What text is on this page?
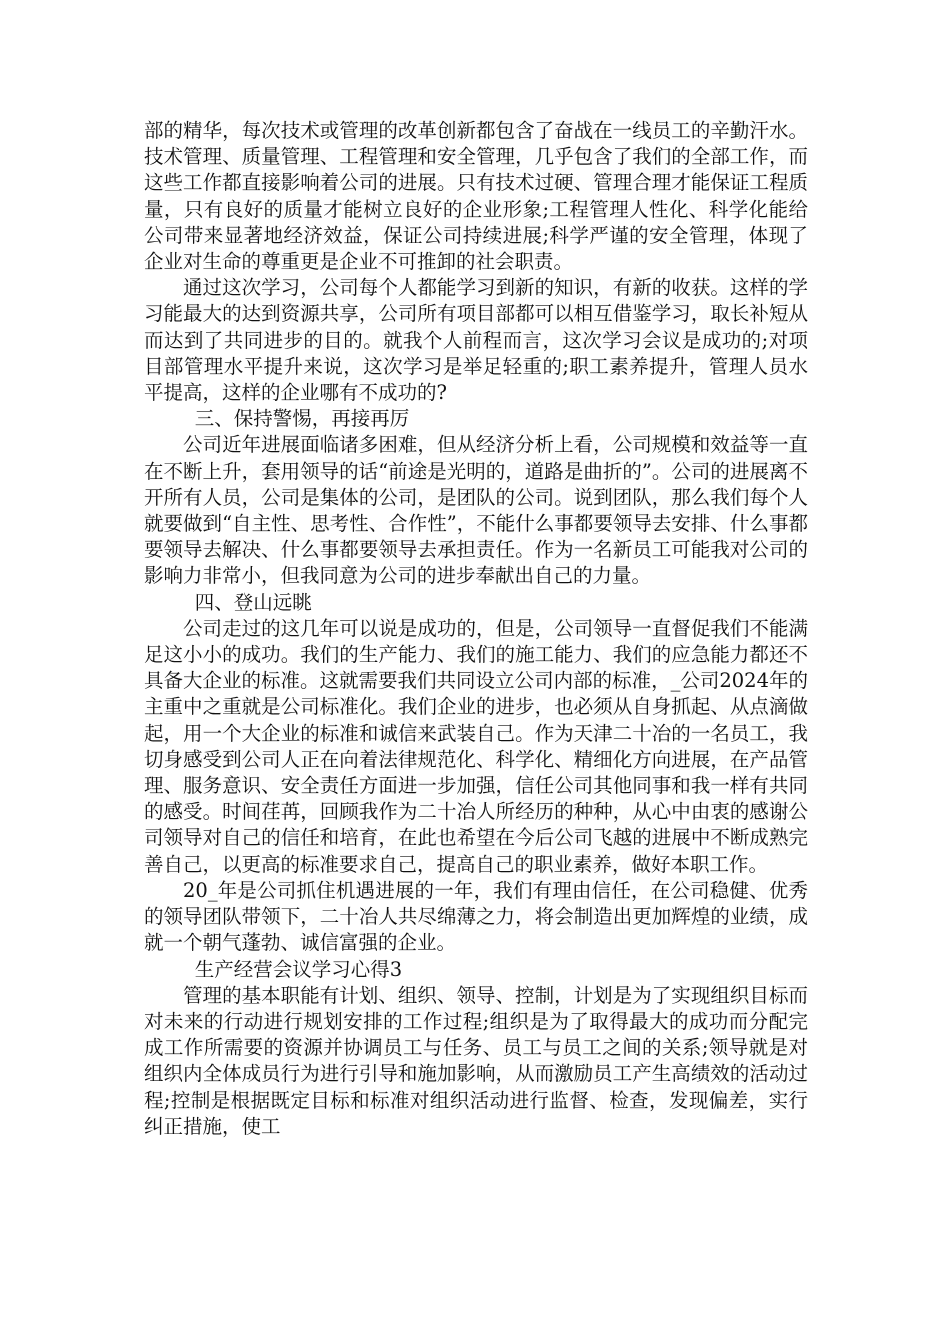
部的精华，每次技术或管理的改革创新都包含了奋战在一线员工的辛勤汗水。技术管理、质量管理、工程管理和安全管理，几乎包含了我们的全部工作，而这些工作都直接影响着公司的进展。只有技术过硬、管理合理才能保证工程质量，只有良好的质量才能树立良好的企业形象;工程管理人性化、科学化能给公司带来显著地经济效益，保证公司持续进展;科学严谨的安全管理，体现了企业对生命的尊重更是企业不可推卸的社会职责。

通过这次学习，公司每个人都能学习到新的知识，有新的收获。这样的学习能最大的达到资源共享，公司所有项目部都可以相互借鉴学习，取长补短从而达到了共同进步的目的。就我个人前程而言，这次学习会议是成功的;对项目部管理水平提升来说，这次学习是举足轻重的;职工素养提升，管理人员水平提高，这样的企业哪有不成功的?

三、保持警惕，再接再厉

公司近年进展面临诸多困难，但从经济分析上看，公司规模和效益等一直在不断上升，套用领导的话“前途是光明的，道路是曲折的”。公司的进展离不开所有人员，公司是集体的公司，是团队的公司。说到团队，那么我们每个人就要做到“自主性、思考性、合作性”，不能什么事都要领导去安排、什么事都要领导去解决、什么事都要领导去承担责任。作为一名新员工可能我对公司的影响力非常小，但我同意为公司的进步奉献出自己的力量。

四、登山远眺

公司走过的这几年可以说是成功的，但是，公司领导一直督促我们不能满足这小小的成功。我们的生产能力、我们的施工能力、我们的应急能力都还不具备大企业的标准。这就需要我们共同设立公司内部的标准，_公司2024年的主重中之重就是公司标准化。我们企业的进步，也必须从自身抓起、从点滴做起，用一个大企业的标准和诚信来武装自己。作为天津二十冶的一名员工，我切身感受到公司人正在向着法律规范化、科学化、精细化方向进展，在产品管理、服务意识、安全责任方面进一步加强，信任公司其他同事和我一样有共同的感受。时间荏苒，回顾我作为二十冶人所经历的种种，从心中由衷的感谢公司领导对自己的信任和培育，在此也希望在今后公司飞越的进展中不断成熟完善自己，以更高的标准要求自己，提高自己的职业素养，做好本职工作。

20_年是公司抓住机遇进展的一年，我们有理由信任，在公司稳健、优秀的领导团队带领下，二十冶人共尽绵薄之力，将会制造出更加辉煌的业绩，成就一个朝气蓬勃、诚信富强的企业。

生产经营会议学习心得3

管理的基本职能有计划、组织、领导、控制，计划是为了实现组织目标而对未来的行动进行规划安排的工作过程;组织是为了取得最大的成功而分配完成工作所需要的资源并协调员工与任务、员工与员工之间的关系;领导就是对组织内全体成员行为进行引导和施加影响，从而激励员工产生高绩效的活动过程;控制是根据既定目标和标准对组织活动进行监督、检查，发现偏差，实行纠正措施，使工
